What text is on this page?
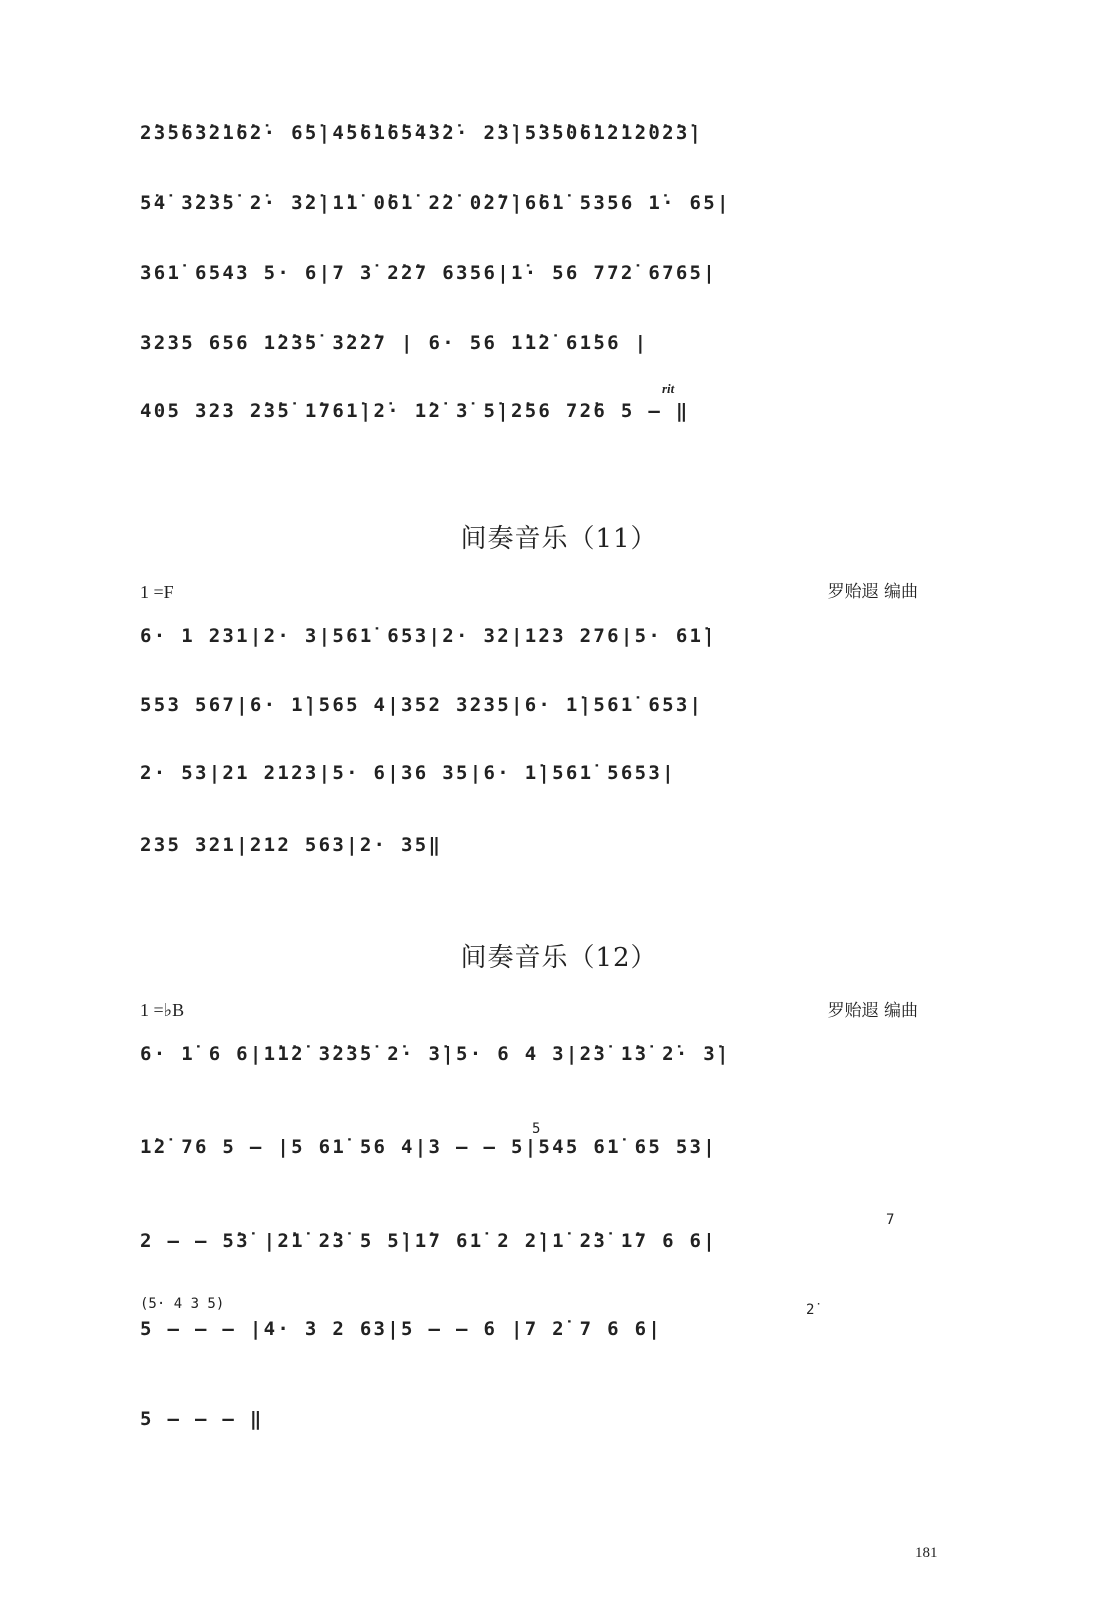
2̇3̇5̇6̇3̇2̇1̇6̇2̇· 6̇5̇|4̇5̇6̇1̇6̇5̇4̇3̇2̇· 2̇3̇|5̇3̇5̇0̇6̇1̇2̇1̇2̇0̇2̇3̇|
5̇4̇ 3̇2̇3̇5̇ 2̇· 3̇2̇|1̇1̇ 0̇6̇1̇ 2̇2̇ 0̇2̇7̇|6̇6̇1̇ 5356 1̇· 65|
361̇ 6543 5· 6|7 3̇ 2̇2̇7 6356|1̇· 56 772̇ 6765|
3235 656 1̇2̇3̇5̇ 3̇2̇2̇7 | 6· 56 1̇1̇2̇ 61̇56 |
rit
405 323 2̇3̇5̇ 1̇761̇|2̇· 1̇2̇ 3̇ 5̇|2̇56 72̇6 5 — ‖
间奏音乐（11）
1 =F	罗贻遐 编曲
6· 1 231|2· 3|561̇ 653|2· 32|123 276|5· 61̇|
553 567|6· 1̇|565 4|352 3235|6· 1̇|561̇ 653|
2· 53|21 2123|5· 6|36 35|6· 1̇|561̇ 5653|
235 321|212 563|2· 35‖
间奏音乐（12）
1 =♭B	罗贻遐 编曲
6· 1̇ 6 6|1̇1̇2̇ 3̇2̇3̇5̇ 2̇· 3̇|5· 6 4 3|2̇3̇ 1̇3̇ 2̇· 3̇|
5
1̇2̇ 76 5 — |5 61̇ 56 4|3 — — 5|545 61̇ 65 53|
7
2 — — 5̇3̇ |2̇1̇ 2̇3̇ 5 5̇|1̇7 61̇ 2 2̇|1̇ 2̇3̇ 1̇7 6 6|
(5· 4 3 5)	2̇
5 — — — |4· 3 2 63|5 — — 6 |7 2̇ 7 6 6|
5 — — — ‖
181
